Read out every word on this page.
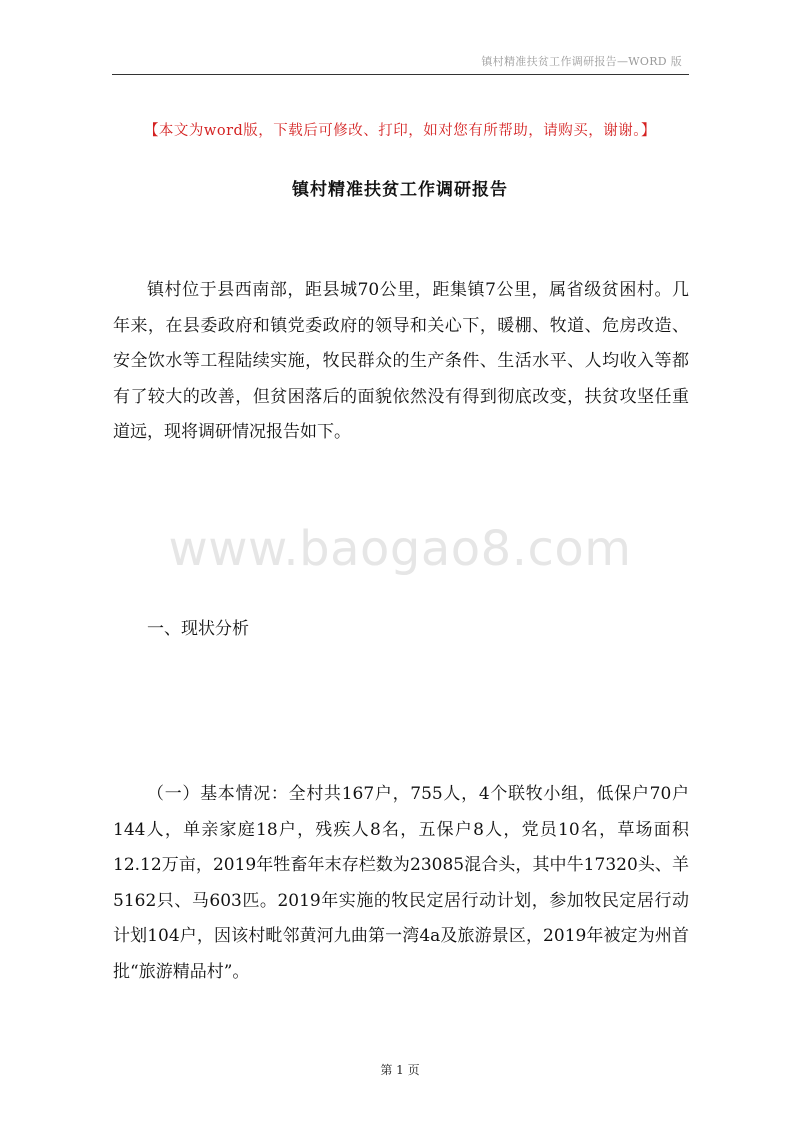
镇村精准扶贫工作调研报告—WORD 版
【本文为word版，下载后可修改、打印，如对您有所帮助，请购买，谢谢。】
镇村精准扶贫工作调研报告

镇村位于县西南部，距县城70公里，距集镇7公里，属省级贫困村。几年来，在县委政府和镇党委政府的领导和关心下，暖棚、牧道、危房改造、安全饮水等工程陆续实施，牧民群众的生产条件、生活水平、人均收入等都有了较大的改善，但贫困落后的面貌依然没有得到彻底改变，扶贫攻坚任重道远，现将调研情况报告如下。

www.baogao8.com
一、现状分析

（一）基本情况：全村共167户，755人，4个联牧小组，低保户70户144人，单亲家庭18户，残疾人8名，五保户8人，党员10名，草场面积12.12万亩，2019年牲畜年末存栏数为23085混合头，其中牛17320头、羊5162只、马603匹。2019年实施的牧民定居行动计划，参加牧民定居行动计划104户，因该村毗邻黄河九曲第一湾4a及旅游景区，2019年被定为州首批“旅游精品村”。

第 1 页
